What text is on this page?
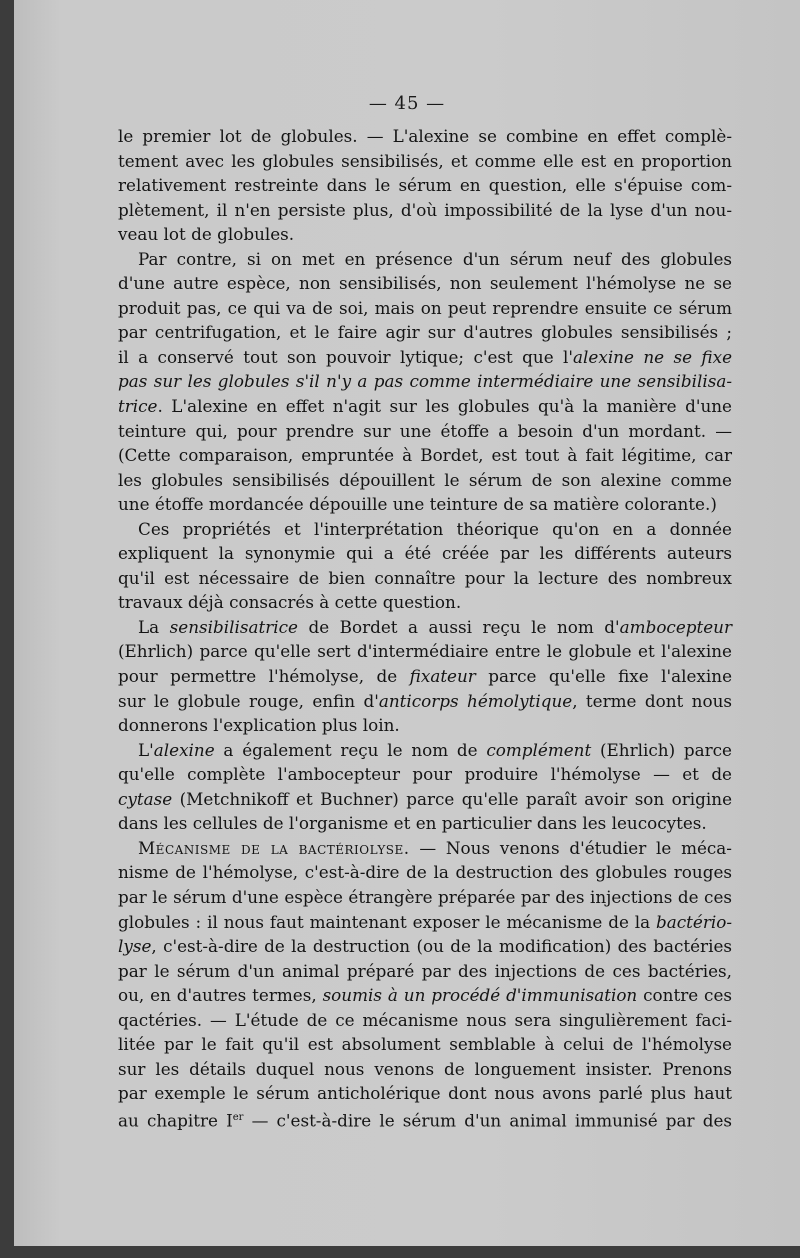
— 45 —
le premier lot de globules. — L'alexine se combine en effet complè-
tement avec les globules sensibilisés, et comme elle est en proportion
relativement restreinte dans le sérum en question, elle s'épuise com-
plètement, il n'en persiste plus, d'où impossibilité de la lyse d'un nou-
veau lot de globules.
Par contre, si on met en présence d'un sérum neuf des globules
d'une autre espèce, non sensibilisés, non seulement l'hémolyse ne se
produit pas, ce qui va de soi, mais on peut reprendre ensuite ce sérum
par centrifugation, et le faire agir sur d'autres globules sensibilisés ;
il a conservé tout son pouvoir lytique; c'est que l'alexine ne se fixe
pas sur les globules s'il n'y a pas comme intermédiaire une sensibilisa-
trice. L'alexine en effet n'agit sur les globules qu'à la manière d'une
teinture qui, pour prendre sur une étoffe a besoin d'un mordant. —
(Cette comparaison, empruntée à Bordet, est tout à fait légitime, car
les globules sensibilisés dépouillent le sérum de son alexine comme
une étoffe mordancée dépouille une teinture de sa matière colorante.)
Ces propriétés et l'interprétation théorique qu'on en a donnée
expliquent la synonymie qui a été créée par les différents auteurs
qu'il est nécessaire de bien connaître pour la lecture des nombreux
travaux déjà consacrés à cette question.
La sensibilisatrice de Bordet a aussi reçu le nom d'ambocepteur
(Ehrlich) parce qu'elle sert d'intermédiaire entre le globule et l'alexine
pour permettre l'hémolyse, de fixateur parce qu'elle fixe l'alexine
sur le globule rouge, enfin d'anticorps hémolytique, terme dont nous
donnerons l'explication plus loin.
L'alexine a également reçu le nom de complément (Ehrlich) parce
qu'elle complète l'ambocepteur pour produire l'hémolyse — et de
cytase (Metchnikoff et Buchner) parce qu'elle paraît avoir son origine
dans les cellules de l'organisme et en particulier dans les leucocytes.
Mécanisme de la bactériolyse. — Nous venons d'étudier le méca-
nisme de l'hémolyse, c'est-à-dire de la destruction des globules rouges
par le sérum d'une espèce étrangère préparée par des injections de ces
globules : il nous faut maintenant exposer le mécanisme de la bactério-
lyse, c'est-à-dire de la destruction (ou de la modification) des bactéries
par le sérum d'un animal préparé par des injections de ces bactéries,
ou, en d'autres termes, soumis à un procédé d'immunisation contre ces
qactéries. — L'étude de ce mécanisme nous sera singulièrement faci-
litée par le fait qu'il est absolument semblable à celui de l'hémolyse
sur les détails duquel nous venons de longuement insister. Prenons
par exemple le sérum anticholérique dont nous avons parlé plus haut
au chapitre Ier — c'est-à-dire le sérum d'un animal immunisé par des
